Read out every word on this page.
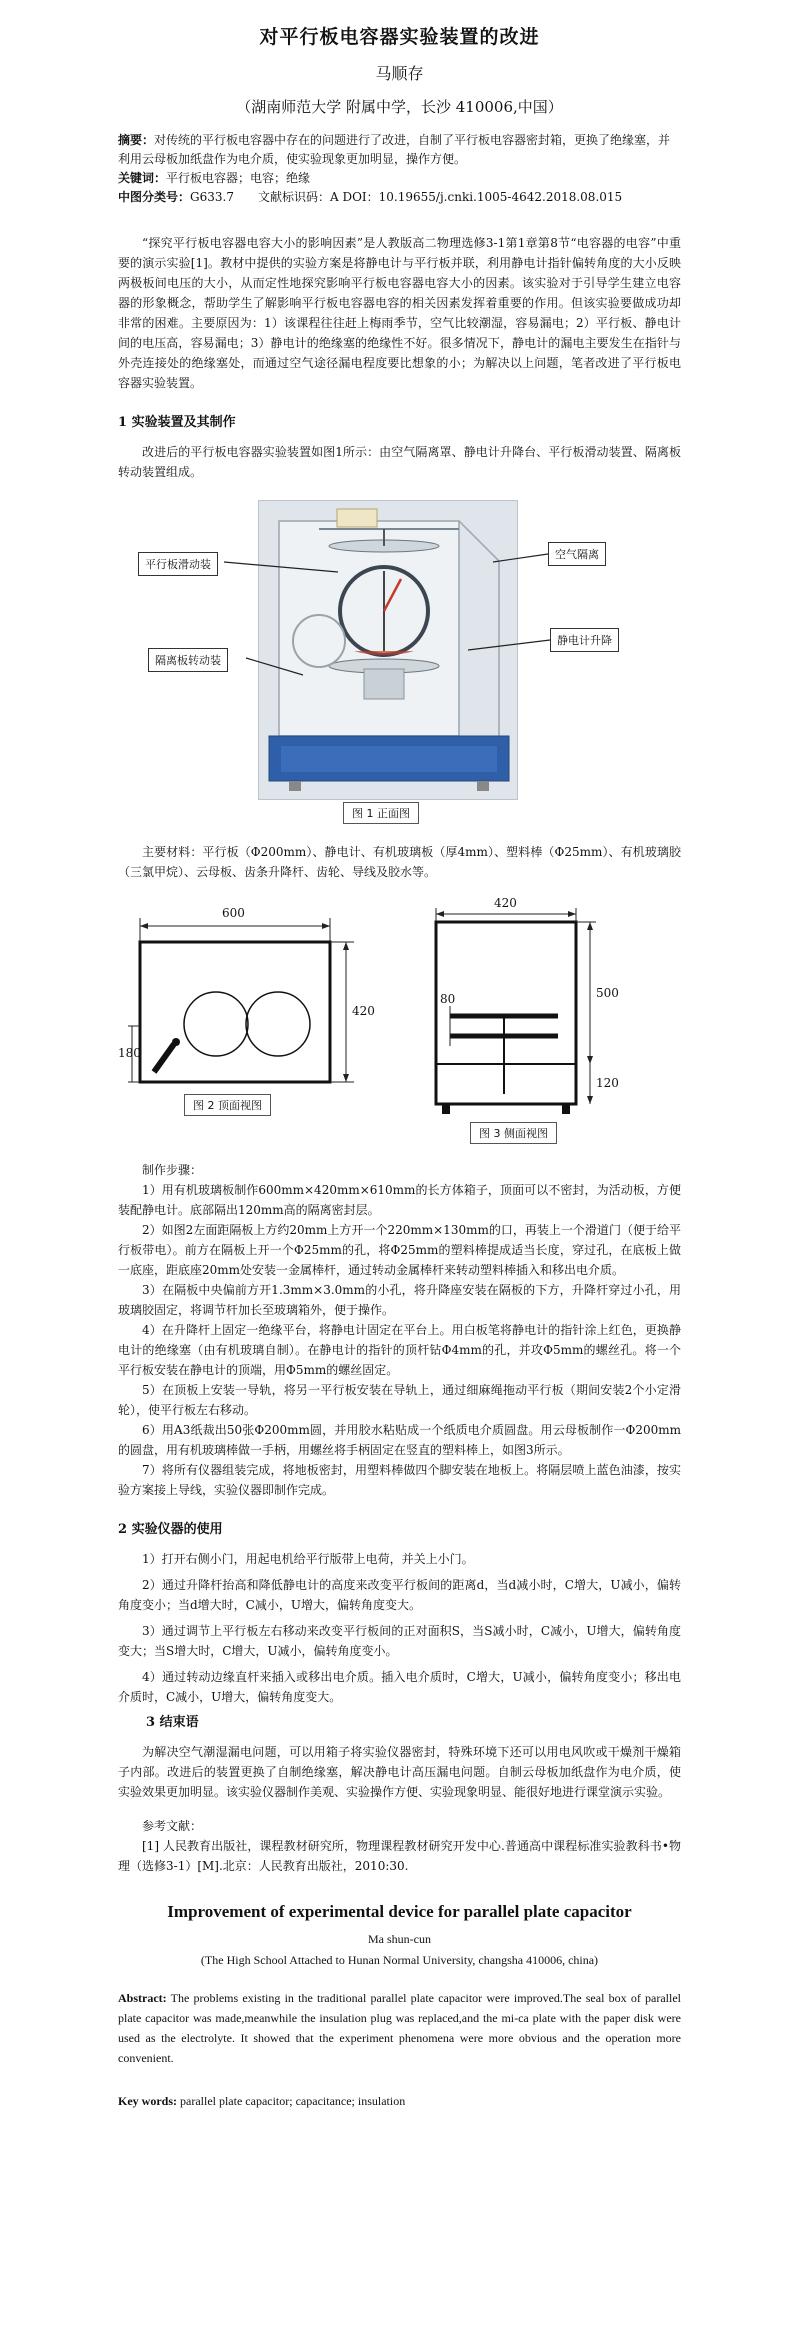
对平行板电容器实验装置的改进
马顺存
（湖南师范大学 附属中学，长沙 410006,中国）
摘要：对传统的平行板电容器中存在的问题进行了改进，自制了平行板电容器密封箱，更换了绝缘塞，并利用云母板加纸盘作为电介质，使实验现象更加明显，操作方便。
关键词：平行板电容器；电容；绝缘
中图分类号：G633.7 文献标识码：A DOI：10.19655/j.cnki.1005-4642.2018.08.015
“探究平行板电容器电容大小的影响因素”是人教版高二物理选修3-1第1章第8节“电容器的电容”中重要的演示实验[1]。教材中提供的实验方案是将静电计与平行板并联，利用静电计指针偏转角度的大小反映两极板间电压的大小，从而定性地探究影响平行板电容器电容大小的因素。该实验对于引导学生建立电容器的形象概念，帮助学生了解影响平行板电容器电容的相关因素发挥着重要的作用。但该实验要做成功却非常的困难。主要原因为：1）该课程往往赶上梅雨季节，空气比较潮湿，容易漏电；2）平行板、静电计间的电压高，容易漏电；3）静电计的绝缘塞的绝缘性不好。很多情况下，静电计的漏电主要发生在指针与外壳连接处的绝缘塞处，而通过空气途径漏电程度要比想象的小；为解决以上问题，笔者改进了平行板电容器实验装置。
1 实验装置及其制作
改进后的平行板电容器实验装置如图1所示：由空气隔离罩、静电计升降台、平行板滑动装置、隔离板转动装置组成。
平行板滑动装
空气隔离
静电计升降
隔离板转动装
图 1 正面图
主要材料：平行板（Φ200mm）、静电计、有机玻璃板（厚4mm）、塑料棒（Φ25mm）、有机玻璃胶（三氯甲烷）、云母板、齿条升降杆、齿轮、导线及胶水等。
600
420
180
420
500
80
120
图 2 顶面视图
图 3 侧面视图
制作步骤：
1）用有机玻璃板制作600mm×420mm×610mm的长方体箱子，顶面可以不密封，为活动板，方便装配静电计。底部隔出120mm高的隔离密封层。
2）如图2左面距隔板上方约20mm上方开一个220mm×130mm的口，再装上一个滑道门（便于给平行板带电）。前方在隔板上开一个Φ25mm的孔，将Φ25mm的塑料棒提成适当长度，穿过孔，在底板上做一底座，距底座20mm处安装一金属棒杆，通过转动金属棒杆来转动塑料棒插入和移出电介质。
3）在隔板中央偏前方开1.3mm×3.0mm的小孔，将升降座安装在隔板的下方，升降杆穿过小孔，用玻璃胶固定，将调节杆加长至玻璃箱外，便于操作。
4）在升降杆上固定一绝缘平台，将静电计固定在平台上。用白板笔将静电计的指针涂上红色，更换静电计的绝缘塞（由有机玻璃自制）。在静电计的指针的顶杆钻Φ4mm的孔，并攻Φ5mm的螺丝孔。将一个平行板安装在静电计的顶端，用Φ5mm的螺丝固定。
5）在顶板上安装一导轨，将另一平行板安装在导轨上，通过细麻绳拖动平行板（期间安装2个小定滑轮），使平行板左右移动。
6）用A3纸裁出50张Φ200mm圆，并用胶水粘贴成一个纸质电介质圆盘。用云母板制作一Φ200mm的圆盘，用有机玻璃棒做一手柄，用螺丝将手柄固定在竖直的塑料棒上，如图3所示。
7）将所有仪器组装完成，将地板密封，用塑料棒做四个脚安装在地板上。将隔层喷上蓝色油漆，按实验方案接上导线，实验仪器即制作完成。
2 实验仪器的使用
1）打开右侧小门，用起电机给平行版带上电荷，并关上小门。
2）通过升降杆抬高和降低静电计的高度来改变平行板间的距离d，当d减小时，C增大，U减小，偏转角度变小；当d增大时，C减小，U增大，偏转角度变大。
3）通过调节上平行板左右移动来改变平行板间的正对面积S，当S减小时，C减小，U增大，偏转角度变大；当S增大时，C增大，U减小，偏转角度变小。
4）通过转动边缘直杆来插入或移出电介质。插入电介质时，C增大，U减小，偏转角度变小；移出电介质时，C减小，U增大，偏转角度变大。
3 结束语
为解决空气潮湿漏电问题，可以用箱子将实验仪器密封，特殊环境下还可以用电风吹或干燥剂干燥箱子内部。改进后的装置更换了自制绝缘塞，解决静电计高压漏电问题。自制云母板加纸盘作为电介质，使实验效果更加明显。该实验仪器制作美观、实验操作方便、实验现象明显、能很好地进行课堂演示实验。
参考文献：
[1] 人民教育出版社，课程教材研究所，物理课程教材研究开发中心.普通高中课程标准实验教科书•物理（选修3-1）[M].北京：人民教育出版社，2010:30.
Improvement of experimental device for parallel plate capacitor
Ma shun-cun
(The High School Attached to Hunan Normal University, changsha 410006, china)
Abstract: The problems existing in the traditional parallel plate capacitor were improved.The seal box of parallel plate capacitor was made,meanwhile the insulation plug was replaced,and the mi-ca plate with the paper disk were used as the electrolyte. It showed that the experiment phenomena were more obvious and the operation more convenient.
Key words: parallel plate capacitor; capacitance; insulation
